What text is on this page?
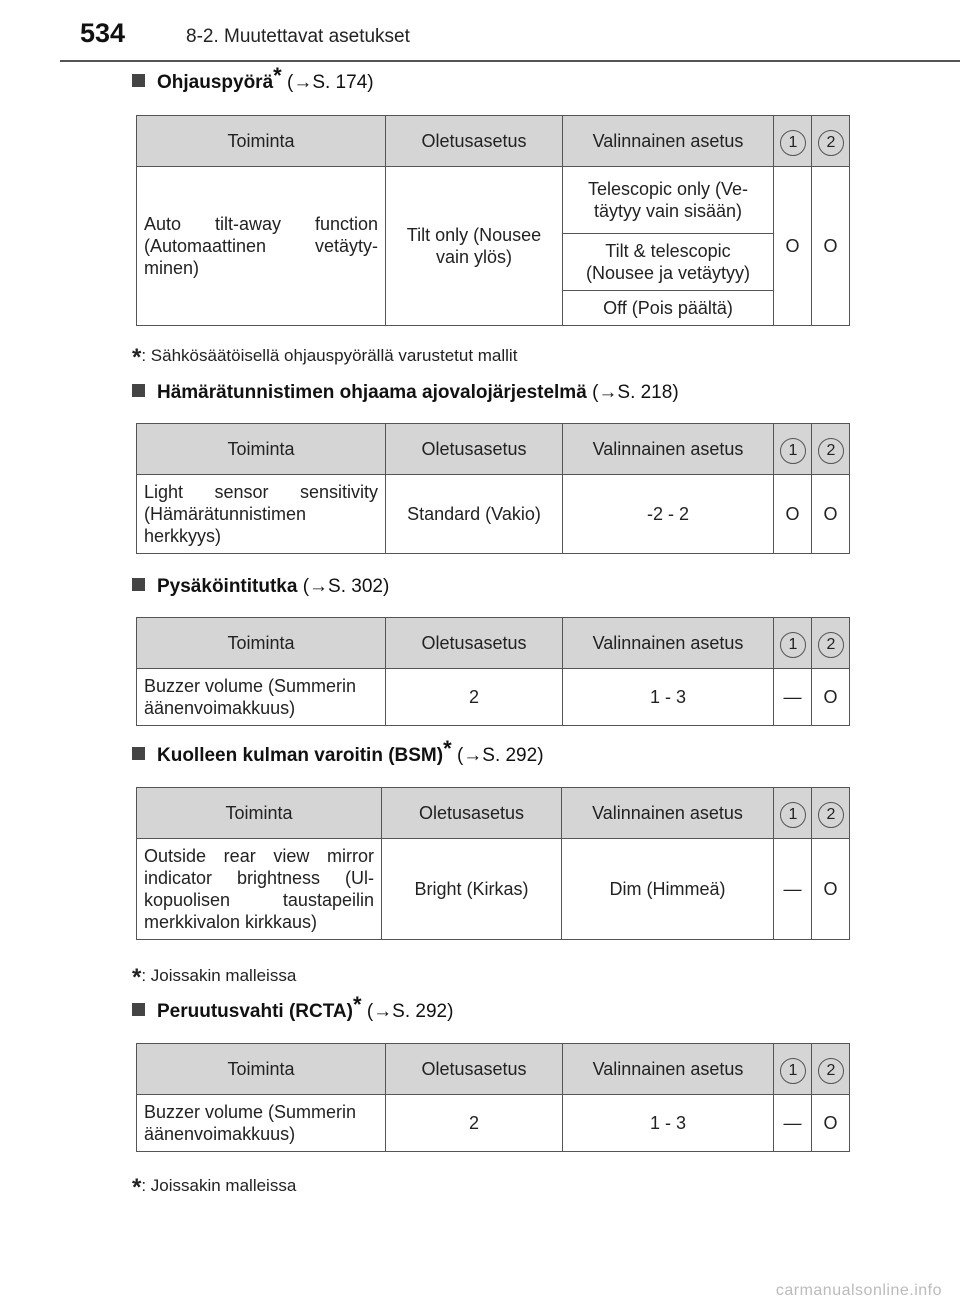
534	8-2. Muutettavat asetukset
Ohjauspyörä* (→S. 174)
Toiminta	Oletusasetus	Valinnainen asetus	1	2
Auto tilt-away function (Automaattinen vetäytyminen)	Tilt only (Nousee vain ylös)	Telescopic only (Vetäytyy vain sisään)	O	O
		Tilt & telescopic (Nousee ja vetäytyy)		
		Off (Pois päältä)		
*: Sähkösäätöisellä ohjauspyörällä varustetut mallit
Hämärätunnistimen ohjaama ajovalojärjestelmä (→S. 218)
Toiminta	Oletusasetus	Valinnainen asetus	1	2
Light sensor sensitivity (Hämärätunnistimen herkkyys)	Standard (Vakio)	-2 - 2	O	O
Pysäköintitutka (→S. 302)
Toiminta	Oletusasetus	Valinnainen asetus	1	2
Buzzer volume (Summerin äänenvoimakkuus)	2	1 - 3	—	O
Kuolleen kulman varoitin (BSM)* (→S. 292)
Toiminta	Oletusasetus	Valinnainen asetus	1	2
Outside rear view mirror indicator brightness (Ulkopuolisen taustapeilin merkkivalon kirkkaus)	Bright (Kirkas)	Dim (Himmeä)	—	O
*: Joissakin malleissa
Peruutusvahti (RCTA)* (→S. 292)
Toiminta	Oletusasetus	Valinnainen asetus	1	2
Buzzer volume (Summerin äänenvoimakkuus)	2	1 - 3	—	O
*: Joissakin malleissa
carmanualsonline.info
